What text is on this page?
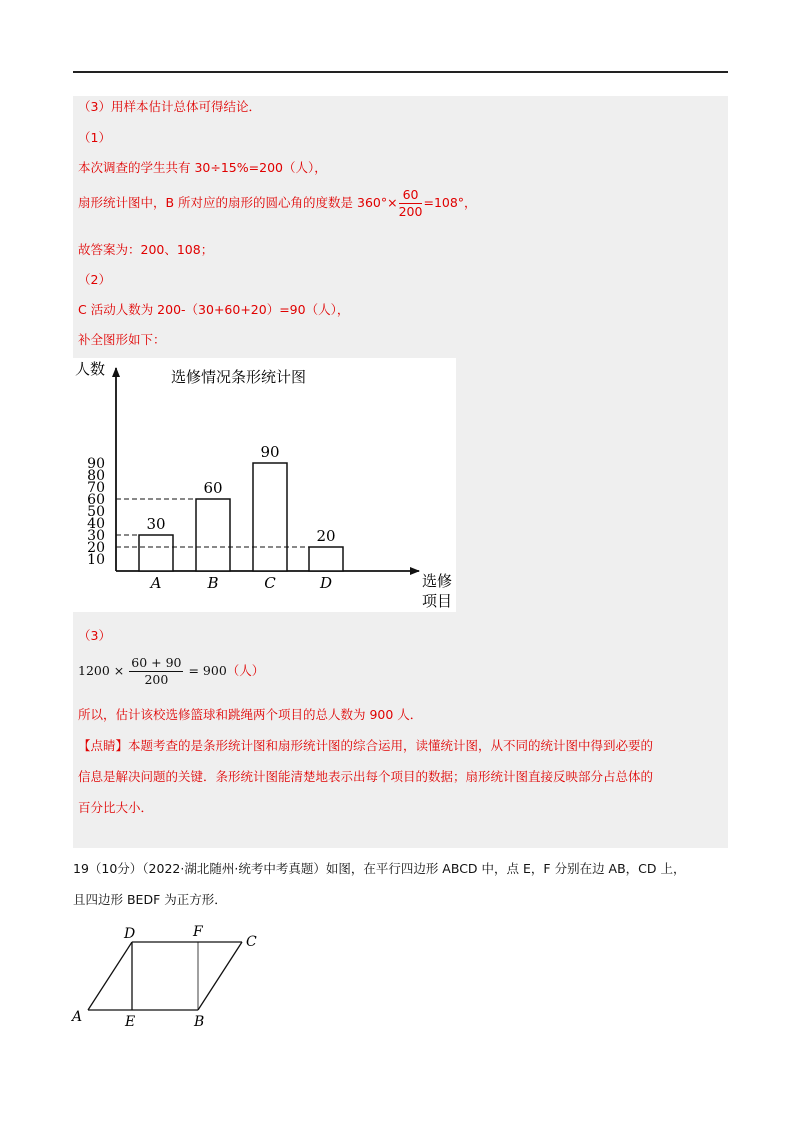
（3）用样本估计总体可得结论．
（1）
本次调查的学生共有 30÷15%=200（人），
扇形统计图中，B 所对应的扇形的圆心角的度数是 $360^\circ\times \frac{60}{200} =108^\circ$，
故答案为：200、108；
（2）
C 活动人数为 200-（30+60+20）=90（人），
补全图形如下：
选修情况条形统计图
人数
选修
项目
10
20
30
40
50
60
70
80
90
30
A
60
B
90
C
20
D
（3）
$1200 \times \frac{60 + 90}{200} = 900$（人）
所以，估计该校选修篮球和跳绳两个项目的总人数为 900 人．
【点睛】本题考查的是条形统计图和扇形统计图的综合运用，读懂统计图，从不同的统计图中得到必要的
信息是解决问题的关键．条形统计图能清楚地表示出每个项目的数据；扇形统计图直接反映部分占总体的
百分比大小．
19（10分）（2022·湖北随州·统考中考真题）如图，在平行四边形 ABCD 中，点 E，F 分别在边 AB，CD 上，
且四边形 BEDF 为正方形．
D	F
C
A	E	B
